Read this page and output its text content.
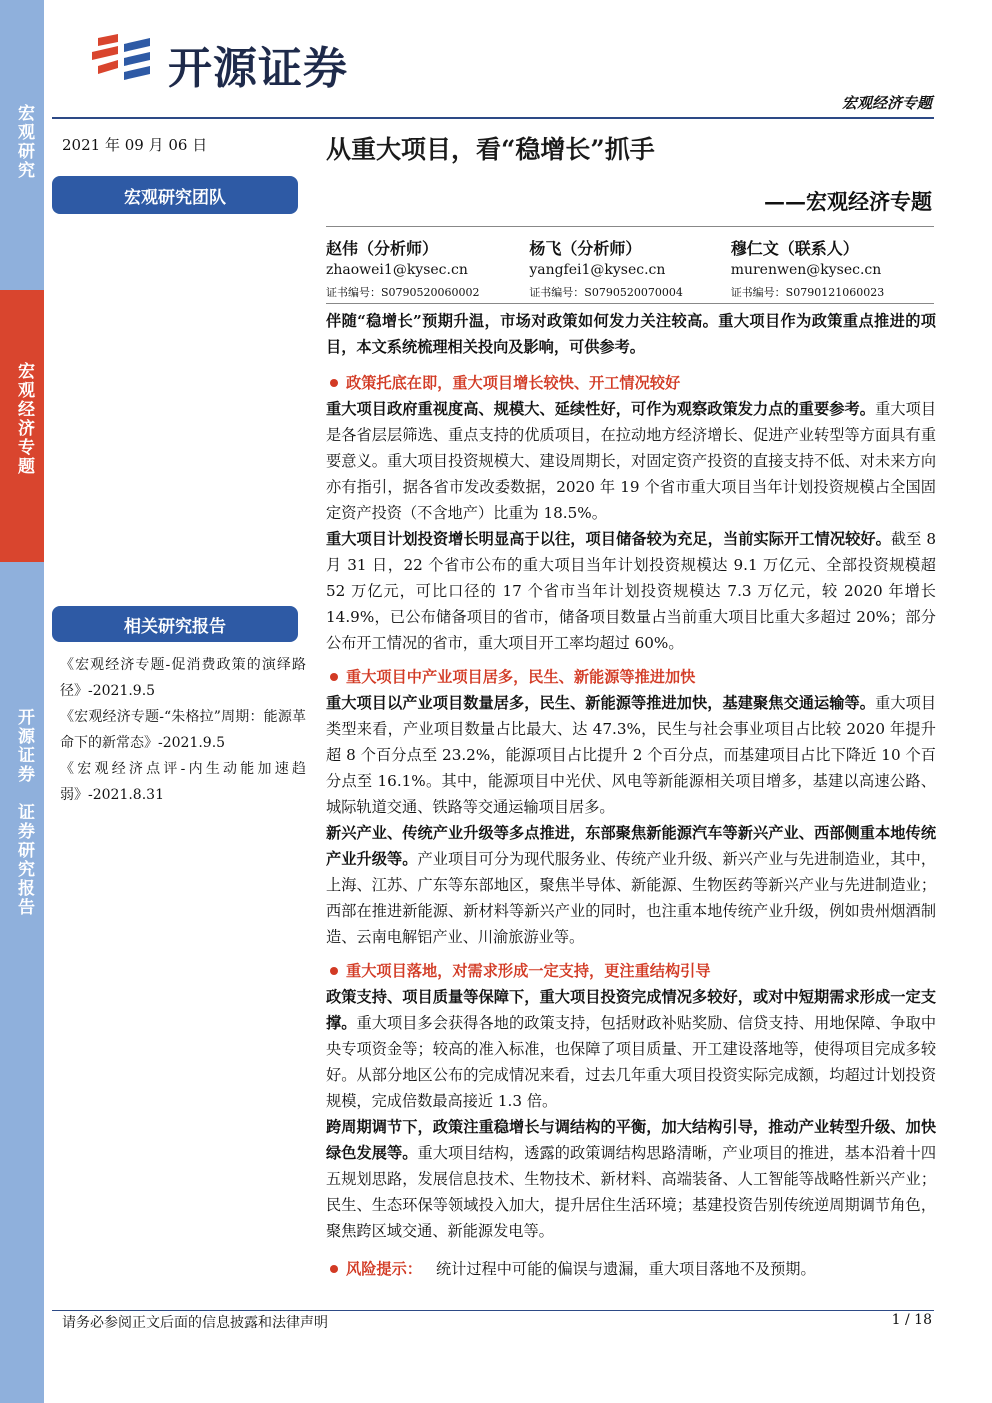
宏观研究
宏观经济专题
开源证券　证券研究报告
开源证券
宏观经济专题
2021 年 09 月 06 日	从重大项目，看“稳增长”抓手
——宏观经济专题
宏观研究团队
赵伟（分析师）
zhaowei1@kysec.cn
证书编号：S0790520060002
杨飞（分析师）
yangfei1@kysec.cn
证书编号：S0790520070004
穆仁文（联系人）
murenwen@kysec.cn
证书编号：S0790121060023
相关研究报告
《宏观经济专题-促消费政策的演绎路径》-2021.9.5
《宏观经济专题-“朱格拉”周期：能源革命下的新常态》-2021.9.5
《宏观经济点评-内生动能加速趋弱》-2021.8.31

伴随“稳增长”预期升温，市场对政策如何发力关注较高。重大项目作为政策重点推进的项目，本文系统梳理相关投向及影响，可供参考。

政策托底在即，重大项目增长较快、开工情况较好

重大项目政府重视度高、规模大、延续性好，可作为观察政策发力点的重要参考。重大项目是各省层层筛选、重点支持的优质项目，在拉动地方经济增长、促进产业转型等方面具有重要意义。重大项目投资规模大、建设周期长，对固定资产投资的直接支持不低、对未来方向亦有指引，据各省市发改委数据，2020 年 19 个省市重大项目当年计划投资规模占全国固定资产投资（不含地产）比重为 18.5%。

重大项目计划投资增长明显高于以往，项目储备较为充足，当前实际开工情况较好。截至 8 月 31 日，22 个省市公布的重大项目当年计划投资规模达 9.1 万亿元、全部投资规模超 52 万亿元，可比口径的 17 个省市当年计划投资规模达 7.3 万亿元，较 2020 年增长 14.9%，已公布储备项目的省市，储备项目数量占当前重大项目比重大多超过 20%；部分公布开工情况的省市，重大项目开工率均超过 60%。

重大项目中产业项目居多，民生、新能源等推进加快

重大项目以产业项目数量居多，民生、新能源等推进加快，基建聚焦交通运输等。重大项目类型来看，产业项目数量占比最大、达 47.3%，民生与社会事业项目占比较 2020 年提升超 8 个百分点至 23.2%，能源项目占比提升 2 个百分点，而基建项目占比下降近 10 个百分点至 16.1%。其中，能源项目中光伏、风电等新能源相关项目增多，基建以高速公路、城际轨道交通、铁路等交通运输项目居多。

新兴产业、传统产业升级等多点推进，东部聚焦新能源汽车等新兴产业、西部侧重本地传统产业升级等。产业项目可分为现代服务业、传统产业升级、新兴产业与先进制造业，其中，上海、江苏、广东等东部地区，聚焦半导体、新能源、生物医药等新兴产业与先进制造业；西部在推进新能源、新材料等新兴产业的同时，也注重本地传统产业升级，例如贵州烟酒制造、云南电解铝产业、川渝旅游业等。

重大项目落地，对需求形成一定支持，更注重结构引导

政策支持、项目质量等保障下，重大项目投资完成情况多较好，或对中短期需求形成一定支撑。重大项目多会获得各地的政策支持，包括财政补贴奖励、信贷支持、用地保障、争取中央专项资金等；较高的准入标准，也保障了项目质量、开工建设落地等，使得项目完成多较好。从部分地区公布的完成情况来看，过去几年重大项目投资实际完成额，均超过计划投资规模，完成倍数最高接近 1.3 倍。

跨周期调节下，政策注重稳增长与调结构的平衡，加大结构引导，推动产业转型升级、加快绿色发展等。重大项目结构，透露的政策调结构思路清晰，产业项目的推进，基本沿着十四五规划思路，发展信息技术、生物技术、新材料、高端装备、人工智能等战略性新兴产业；民生、生态环保等领域投入加大，提升居住生活环境；基建投资告别传统逆周期调节角色，聚焦跨区域交通、新能源发电等。

风险提示： 统计过程中可能的偏误与遗漏，重大项目落地不及预期。
请务必参阅正文后面的信息披露和法律声明	1 / 18
